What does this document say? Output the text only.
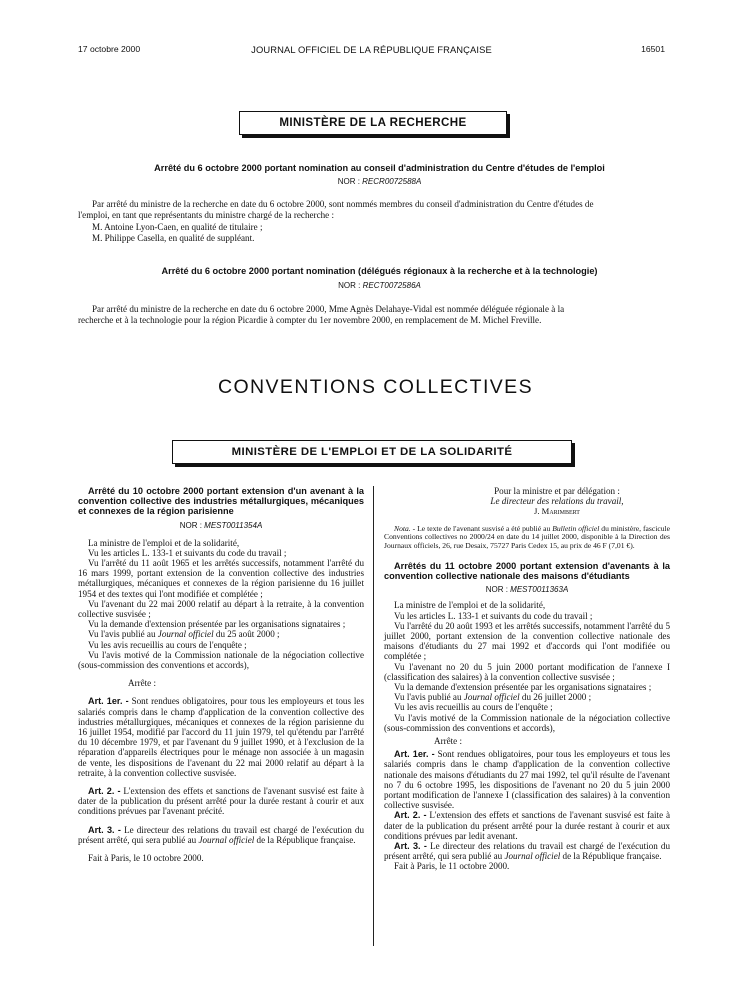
17 octobre 2000	JOURNAL OFFICIEL DE LA RÉPUBLIQUE FRANÇAISE	16501
MINISTÈRE DE LA RECHERCHE
Arrêté du 6 octobre 2000 portant nomination au conseil d'administration du Centre d'études de l'emploi
NOR : RECR0072588A

Par arrêté du ministre de la recherche en date du 6 octobre 2000, sont nommés membres du conseil d'administration du Centre d'études de

l'emploi, en tant que représentants du ministre chargé de la recherche :

M. Antoine Lyon-Caen, en qualité de titulaire ;

M. Philippe Casella, en qualité de suppléant.

Arrêté du 6 octobre 2000 portant nomination (délégués régionaux à la recherche et à la technologie)
NOR : RECT0072586A

Par arrêté du ministre de la recherche en date du 6 octobre 2000, Mme Agnès Delahaye-Vidal est nommée déléguée régionale à la

recherche et à la technologie pour la région Picardie à compter du 1er novembre 2000, en remplacement de M. Michel Freville.

CONVENTIONS COLLECTIVES
MINISTÈRE DE L'EMPLOI ET DE LA SOLIDARITÉ

Arrêté du 10 octobre 2000 portant extension d'un avenant à la convention collective des industries métallurgiques, mécaniques et connexes de la région parisienne

NOR : MEST0011354A

La ministre de l'emploi et de la solidarité,

Vu les articles L. 133-1 et suivants du code du travail ;

Vu l'arrêté du 11 août 1965 et les arrêtés successifs, notamment l'arrêté du 16 mars 1999, portant extension de la convention collective des industries métallurgiques, mécaniques et connexes de la région parisienne du 16 juillet 1954 et des textes qui l'ont modifiée et complétée ;

Vu l'avenant du 22 mai 2000 relatif au départ à la retraite, à la convention collective susvisée ;

Vu la demande d'extension présentée par les organisations signataires ;

Vu l'avis publié au Journal officiel du 25 août 2000 ;

Vu les avis recueillis au cours de l'enquête ;

Vu l'avis motivé de la Commission nationale de la négociation collective (sous-commission des conventions et accords),

Arrête :

Art. 1er. - Sont rendues obligatoires, pour tous les employeurs et tous les salariés compris dans le champ d'application de la convention collective des industries métallurgiques, mécaniques et connexes de la région parisienne du 16 juillet 1954, modifié par l'accord du 11 juin 1979, tel qu'étendu par l'arrêté du 10 décembre 1979, et par l'avenant du 9 juillet 1990, et à l'exclusion de la réparation d'appareils électriques pour le ménage non associée à un magasin de vente, les dispositions de l'avenant du 22 mai 2000 relatif au départ à la retraite, à la convention collective susvisée.

Art. 2. - L'extension des effets et sanctions de l'avenant susvisé est faite à dater de la publication du présent arrêté pour la durée restant à courir et aux conditions prévues par l'avenant précité.

Art. 3. - Le directeur des relations du travail est chargé de l'exécution du présent arrêté, qui sera publié au Journal officiel de la République française.

Fait à Paris, le 10 octobre 2000.

Pour la ministre et par délégation :

Le directeur des relations du travail,

J. Marimbert

Nota. - Le texte de l'avenant susvisé a été publié au Bulletin officiel du ministère, fascicule Conventions collectives no 2000/24 en date du 14 juillet 2000, disponible à la Direction des Journaux officiels, 26, rue Desaix, 75727 Paris Cedex 15, au prix de 46 F (7,01 €).

Arrêtés du 11 octobre 2000 portant extension d'avenants à la convention collective nationale des maisons d'étudiants

NOR : MEST0011363A

La ministre de l'emploi et de la solidarité,

Vu les articles L. 133-1 et suivants du code du travail ;

Vu l'arrêté du 20 août 1993 et les arrêtés successifs, notamment l'arrêté du 5 juillet 2000, portant extension de la convention collective nationale des maisons d'étudiants du 27 mai 1992 et d'accords qui l'ont modifiée ou complétée ;

Vu l'avenant no 20 du 5 juin 2000 portant modification de l'annexe I (classification des salaires) à la convention collective susvisée ;

Vu la demande d'extension présentée par les organisations signataires ;

Vu l'avis publié au Journal officiel du 26 juillet 2000 ;

Vu les avis recueillis au cours de l'enquête ;

Vu l'avis motivé de la Commission nationale de la négociation collective (sous-commission des conventions et accords),

Arrête :

Art. 1er. - Sont rendues obligatoires, pour tous les employeurs et tous les salariés compris dans le champ d'application de la convention collective nationale des maisons d'étudiants du 27 mai 1992, tel qu'il résulte de l'avenant no 7 du 6 octobre 1995, les dispositions de l'avenant no 20 du 5 juin 2000 portant modification de l'annexe I (classification des salaires) à la convention collective susvisée.

Art. 2. - L'extension des effets et sanctions de l'avenant susvisé est faite à dater de la publication du présent arrêté pour la durée restant à courir et aux conditions prévues par ledit avenant.

Art. 3. - Le directeur des relations du travail est chargé de l'exécution du présent arrêté, qui sera publié au Journal officiel de la République française.

Fait à Paris, le 11 octobre 2000.
